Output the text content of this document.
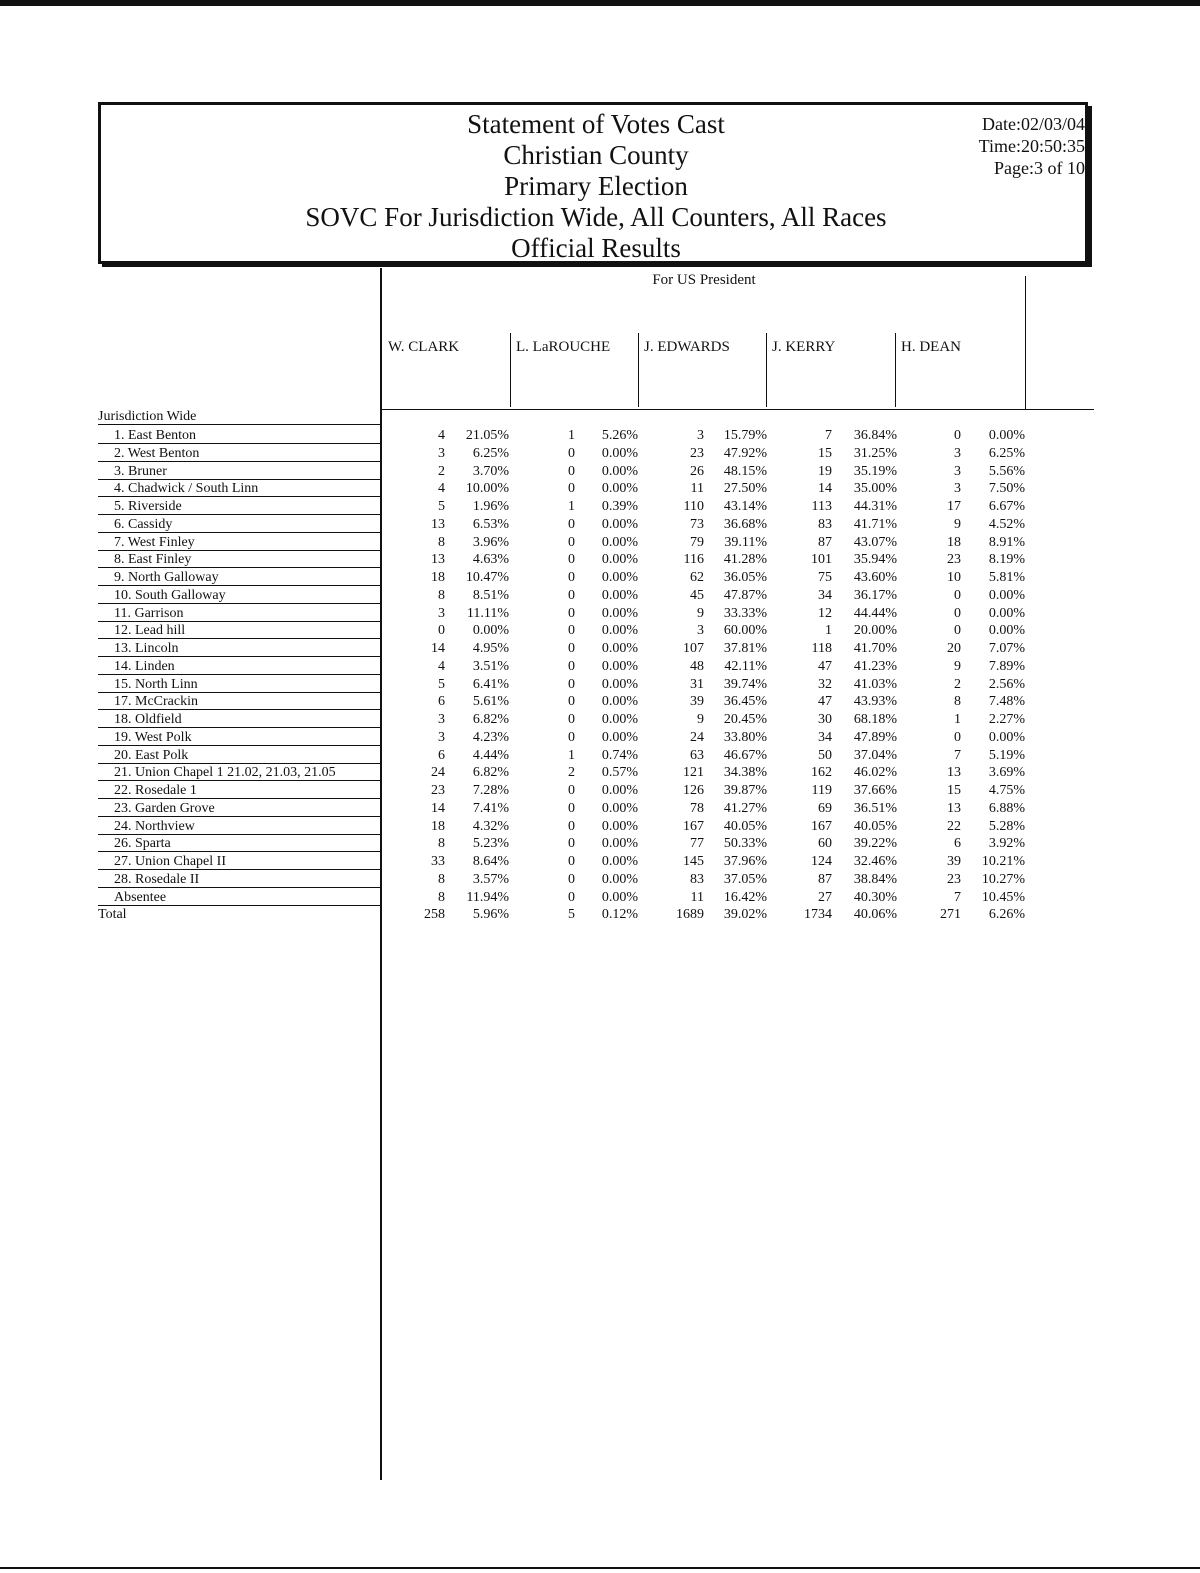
Statement of Votes Cast
Christian County
Primary Election
SOVC For Jurisdiction Wide, All Counters, All Races
Official Results
Date:02/03/04
Time:20:50:35
Page:3 of 10
For US President
W. CLARK	L. LaROUCHE J. EDWARDS	J. KERRY	H. DEAN
Jurisdiction Wide
1. East Benton	4 21.05%	1 5.26%	3 15.79%	7 36.84%	0 0.00%
2. West Benton	3 6.25%	0 0.00%	23 47.92%	15 31.25%	3 6.25%
3. Bruner	2 3.70%	0 0.00%	26 48.15%	19 35.19%	3 5.56%
4. Chadwick / South Linn	4 10.00%	0 0.00%	11 27.50%	14 35.00%	3 7.50%
5. Riverside	5 1.96%	1 0.39%	110 43.14%	113 44.31%	17 6.67%
6. Cassidy	13 6.53%	0 0.00%	73 36.68%	83 41.71%	9 4.52%
7. West Finley	8 3.96%	0 0.00%	79 39.11%	87 43.07%	18 8.91%
8. East Finley	13 4.63%	0 0.00%	116 41.28%	101 35.94%	23 8.19%
9. North Galloway	18 10.47%	0 0.00%	62 36.05%	75 43.60%	10 5.81%
10. South Galloway	8 8.51%	0 0.00%	45 47.87%	34 36.17%	0 0.00%
11. Garrison	3 11.11%	0 0.00%	9 33.33%	12 44.44%	0 0.00%
12. Lead hill	0 0.00%	0 0.00%	3 60.00%	1 20.00%	0 0.00%
13. Lincoln	14 4.95%	0 0.00%	107 37.81%	118 41.70%	20 7.07%
14. Linden	4 3.51%	0 0.00%	48 42.11%	47 41.23%	9 7.89%
15. North Linn	5 6.41%	0 0.00%	31 39.74%	32 41.03%	2 2.56%
17. McCrackin	6 5.61%	0 0.00%	39 36.45%	47 43.93%	8 7.48%
18. Oldfield	3 6.82%	0 0.00%	9 20.45%	30 68.18%	1 2.27%
19. West Polk	3 4.23%	0 0.00%	24 33.80%	34 47.89%	0 0.00%
20. East Polk	6 4.44%	1 0.74%	63 46.67%	50 37.04%	7 5.19%
21. Union Chapel 1 21.02, 21.03, 21.05	24 6.82%	2 0.57%	121 34.38%	162 46.02%	13 3.69%
22. Rosedale 1	23 7.28%	0 0.00%	126 39.87%	119 37.66%	15 4.75%
23. Garden Grove	14 7.41%	0 0.00%	78 41.27%	69 36.51%	13 6.88%
24. Northview	18 4.32%	0 0.00%	167 40.05%	167 40.05%	22 5.28%
26. Sparta	8 5.23%	0 0.00%	77 50.33%	60 39.22%	6 3.92%
27. Union Chapel II	33 8.64%	0 0.00%	145 37.96%	124 32.46%	39 10.21%
28. Rosedale II	8 3.57%	0 0.00%	83 37.05%	87 38.84%	23 10.27%
Absentee	8 11.94%	0 0.00%	11 16.42%	27 40.30%	7 10.45%
Total	258 5.96%	5 0.12%	1689 39.02%	1734 40.06%	271 6.26%
